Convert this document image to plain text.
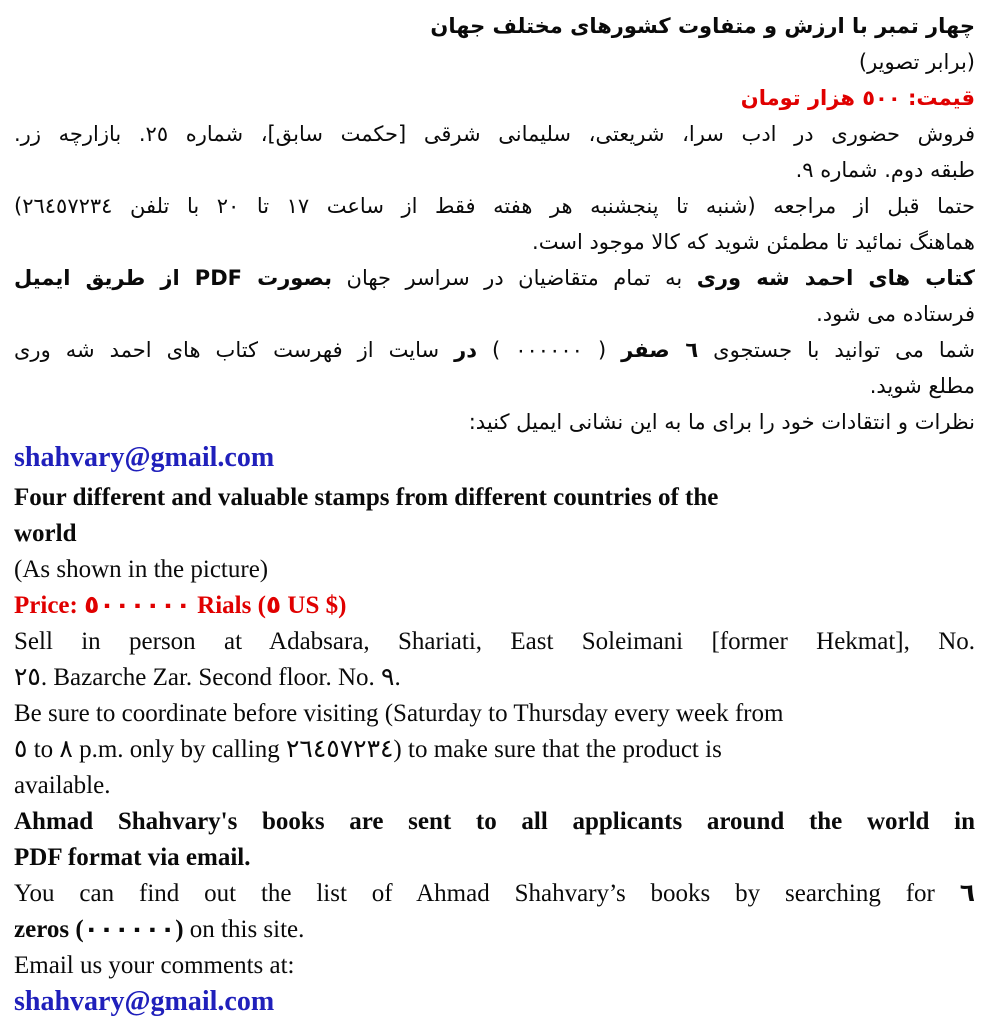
چهار تمبر با ارزش و متفاوت کشورهای مختلف جهان
(برابر تصویر)
قیمت: ٥٠٠ هزار تومان
فروش حضوری در ادب سرا، شریعتی، سلیمانی شرقی [حکمت سابق]، شماره ٢٥. بازارچه زر.
طبقه دوم. شماره ٩.
حتما قبل از مراجعه (شنبه تا پنجشنبه هر هفته فقط از ساعت ١٧ تا ٢٠ با تلفن ٢٦٤٥٧٢٣٤)
هماهنگ نمائید تا مطمئن شوید که کالا موجود است.
کتاب های احمد شه وری به تمام متقاضیان در سراسر جهان بصورت PDF از طریق ایمیل
فرستاده می شود.
شما می توانید با جستجوی ٦ صفر ( ٠٠٠٠٠٠ ) در سایت از فهرست کتاب های احمد شه وری
مطلع شوید.
نظرات و انتقادات خود را برای ما به این نشانی ایمیل کنید:
shahvary@gmail.com
Four different and valuable stamps from different countries of the
world
(As shown in the picture)
Price: ٥٠٠٠٠٠٠ Rials (٥ US $)
Sell in person at Adabsara, Shariati, East Soleimani [former Hekmat], No.
٢٥. Bazarche Zar. Second floor. No. ٩.
Be sure to coordinate before visiting (Saturday to Thursday every week from
٥ to ٨ p.m. only by calling ٢٦٤٥٧٢٣٤) to make sure that the product is
available.
Ahmad Shahvary's books are sent to all applicants around the world in
PDF format via email.
You can find out the list of Ahmad Shahvary’s books by searching for ٦
zeros (٠٠٠٠٠٠) on this site.
Email us your comments at:
shahvary@gmail.com
